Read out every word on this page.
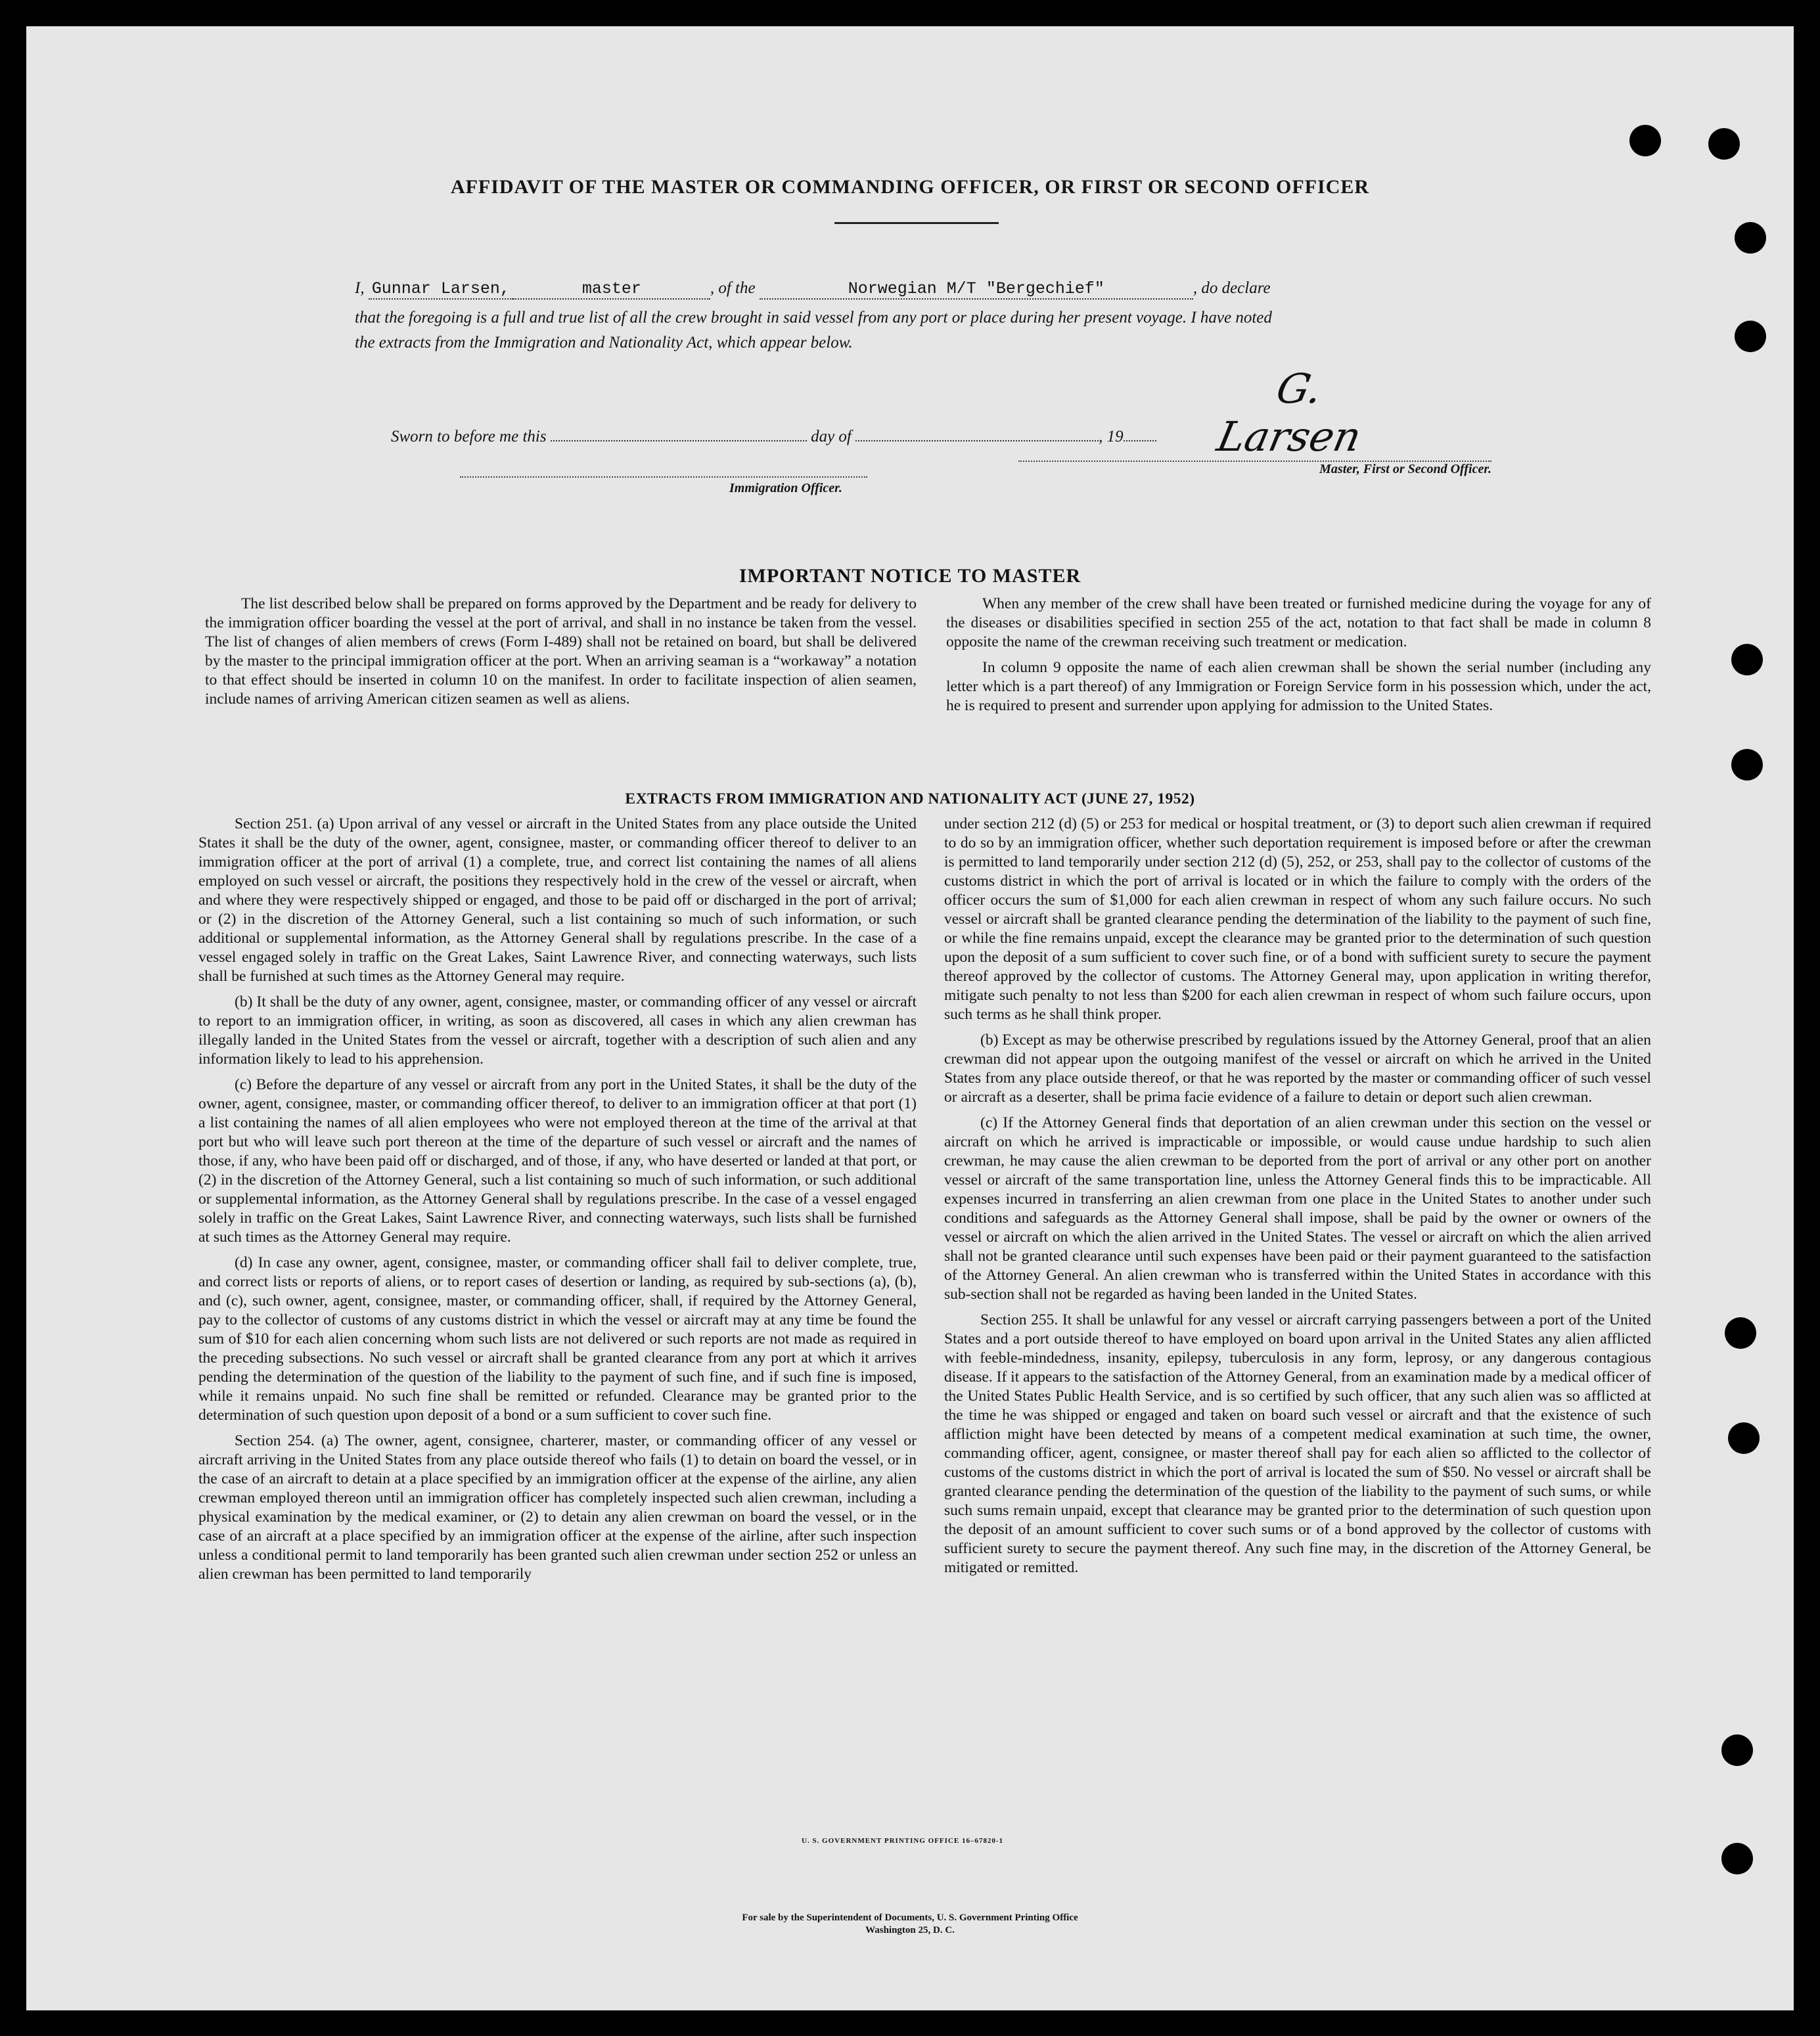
AFFIDAVIT OF THE MASTER OR COMMANDING OFFICER, OR FIRST OR SECOND OFFICER
I, Gunnar Larsen,	master	, of the	Norwegian M/T "Bergechief"	, do declare
that the foregoing is a full and true list of all the crew brought in said vessel from any port or place during her present voyage. I have noted
the extracts from the Immigration and Nationality Act, which appear below.
G. Larsen
Master, First or Second Officer.
Sworn to before me this	day of	, 19
Immigration Officer.
IMPORTANT NOTICE TO MASTER

The list described below shall be prepared on forms approved by the Department and be ready for delivery to the immigration officer boarding the vessel at the port of arrival, and shall in no instance be taken from the vessel. The list of changes of alien members of crews (Form I-489) shall not be retained on board, but shall be delivered by the master to the principal immigration officer at the port. When an arriving seaman is a “workaway” a notation to that effect should be inserted in column 10 on the manifest. In order to facilitate inspection of alien seamen, include names of arriving American citizen seamen as well as aliens.

When any member of the crew shall have been treated or furnished medicine during the voyage for any of the diseases or disabilities specified in section 255 of the act, notation to that fact shall be made in column 8 opposite the name of the crewman receiving such treatment or medication.

In column 9 opposite the name of each alien crewman shall be shown the serial number (including any letter which is a part thereof) of any Immigration or Foreign Service form in his possession which, under the act, he is required to present and surrender upon applying for admission to the United States.

EXTRACTS FROM IMMIGRATION AND NATIONALITY ACT (JUNE 27, 1952)

Section 251. (a) Upon arrival of any vessel or aircraft in the United States from any place outside the United States it shall be the duty of the owner, agent, consignee, master, or commanding officer thereof to deliver to an immigration officer at the port of arrival (1) a complete, true, and correct list containing the names of all aliens employed on such vessel or aircraft, the positions they respectively hold in the crew of the vessel or aircraft, when and where they were respectively shipped or engaged, and those to be paid off or discharged in the port of arrival; or (2) in the discretion of the Attorney General, such a list containing so much of such information, or such additional or supplemental information, as the Attorney General shall by regulations prescribe. In the case of a vessel engaged solely in traffic on the Great Lakes, Saint Lawrence River, and connecting waterways, such lists shall be furnished at such times as the Attorney General may require.

(b) It shall be the duty of any owner, agent, consignee, master, or commanding officer of any vessel or aircraft to report to an immigration officer, in writing, as soon as discovered, all cases in which any alien crewman has illegally landed in the United States from the vessel or aircraft, together with a description of such alien and any information likely to lead to his apprehension.

(c) Before the departure of any vessel or aircraft from any port in the United States, it shall be the duty of the owner, agent, consignee, master, or commanding officer thereof, to deliver to an immigration officer at that port (1) a list containing the names of all alien employees who were not employed thereon at the time of the arrival at that port but who will leave such port thereon at the time of the departure of such vessel or aircraft and the names of those, if any, who have been paid off or discharged, and of those, if any, who have deserted or landed at that port, or (2) in the discretion of the Attorney General, such a list containing so much of such information, or such additional or supplemental information, as the Attorney General shall by regulations prescribe. In the case of a vessel engaged solely in traffic on the Great Lakes, Saint Lawrence River, and connecting waterways, such lists shall be furnished at such times as the Attorney General may require.

(d) In case any owner, agent, consignee, master, or commanding officer shall fail to deliver complete, true, and correct lists or reports of aliens, or to report cases of desertion or landing, as required by sub-sections (a), (b), and (c), such owner, agent, consignee, master, or commanding officer, shall, if required by the Attorney General, pay to the collector of customs of any customs district in which the vessel or aircraft may at any time be found the sum of $10 for each alien concerning whom such lists are not delivered or such reports are not made as required in the preceding subsections. No such vessel or aircraft shall be granted clearance from any port at which it arrives pending the determination of the question of the liability to the payment of such fine, and if such fine is imposed, while it remains unpaid. No such fine shall be remitted or refunded. Clearance may be granted prior to the determination of such question upon deposit of a bond or a sum sufficient to cover such fine.

Section 254. (a) The owner, agent, consignee, charterer, master, or commanding officer of any vessel or aircraft arriving in the United States from any place outside thereof who fails (1) to detain on board the vessel, or in the case of an aircraft to detain at a place specified by an immigration officer at the expense of the airline, any alien crewman employed thereon until an immigration officer has completely inspected such alien crewman, including a physical examination by the medical examiner, or (2) to detain any alien crewman on board the vessel, or in the case of an aircraft at a place specified by an immigration officer at the expense of the airline, after such inspection unless a conditional permit to land temporarily has been granted such alien crewman under section 252 or unless an alien crewman has been permitted to land temporarily

under section 212 (d) (5) or 253 for medical or hospital treatment, or (3) to deport such alien crewman if required to do so by an immigration officer, whether such deportation requirement is imposed before or after the crewman is permitted to land temporarily under section 212 (d) (5), 252, or 253, shall pay to the collector of customs of the customs district in which the port of arrival is located or in which the failure to comply with the orders of the officer occurs the sum of $1,000 for each alien crewman in respect of whom any such failure occurs. No such vessel or aircraft shall be granted clearance pending the determination of the liability to the payment of such fine, or while the fine remains unpaid, except the clearance may be granted prior to the determination of such question upon the deposit of a sum sufficient to cover such fine, or of a bond with sufficient surety to secure the payment thereof approved by the collector of customs. The Attorney General may, upon application in writing therefor, mitigate such penalty to not less than $200 for each alien crewman in respect of whom such failure occurs, upon such terms as he shall think proper.

(b) Except as may be otherwise prescribed by regulations issued by the Attorney General, proof that an alien crewman did not appear upon the outgoing manifest of the vessel or aircraft on which he arrived in the United States from any place outside thereof, or that he was reported by the master or commanding officer of such vessel or aircraft as a deserter, shall be prima facie evidence of a failure to detain or deport such alien crewman.

(c) If the Attorney General finds that deportation of an alien crewman under this section on the vessel or aircraft on which he arrived is impracticable or impossible, or would cause undue hardship to such alien crewman, he may cause the alien crewman to be deported from the port of arrival or any other port on another vessel or aircraft of the same transportation line, unless the Attorney General finds this to be impracticable. All expenses incurred in transferring an alien crewman from one place in the United States to another under such conditions and safeguards as the Attorney General shall impose, shall be paid by the owner or owners of the vessel or aircraft on which the alien arrived in the United States. The vessel or aircraft on which the alien arrived shall not be granted clearance until such expenses have been paid or their payment guaranteed to the satisfaction of the Attorney General. An alien crewman who is transferred within the United States in accordance with this sub-section shall not be regarded as having been landed in the United States.

Section 255. It shall be unlawful for any vessel or aircraft carrying passengers between a port of the United States and a port outside thereof to have employed on board upon arrival in the United States any alien afflicted with feeble-mindedness, insanity, epilepsy, tuberculosis in any form, leprosy, or any dangerous contagious disease. If it appears to the satisfaction of the Attorney General, from an examination made by a medical officer of the United States Public Health Service, and is so certified by such officer, that any such alien was so afflicted at the time he was shipped or engaged and taken on board such vessel or aircraft and that the existence of such affliction might have been detected by means of a competent medical examination at such time, the owner, commanding officer, agent, consignee, or master thereof shall pay for each alien so afflicted to the collector of customs of the customs district in which the port of arrival is located the sum of $50. No vessel or aircraft shall be granted clearance pending the determination of the question of the liability to the payment of such sums, or while such sums remain unpaid, except that clearance may be granted prior to the determination of such question upon the deposit of an amount sufficient to cover such sums or of a bond approved by the collector of customs with sufficient surety to secure the payment thereof. Any such fine may, in the discretion of the Attorney General, be mitigated or remitted.

U. S. GOVERNMENT PRINTING OFFICE 16–67820-1
For sale by the Superintendent of Documents, U. S. Government Printing Office
Washington 25, D. C.
